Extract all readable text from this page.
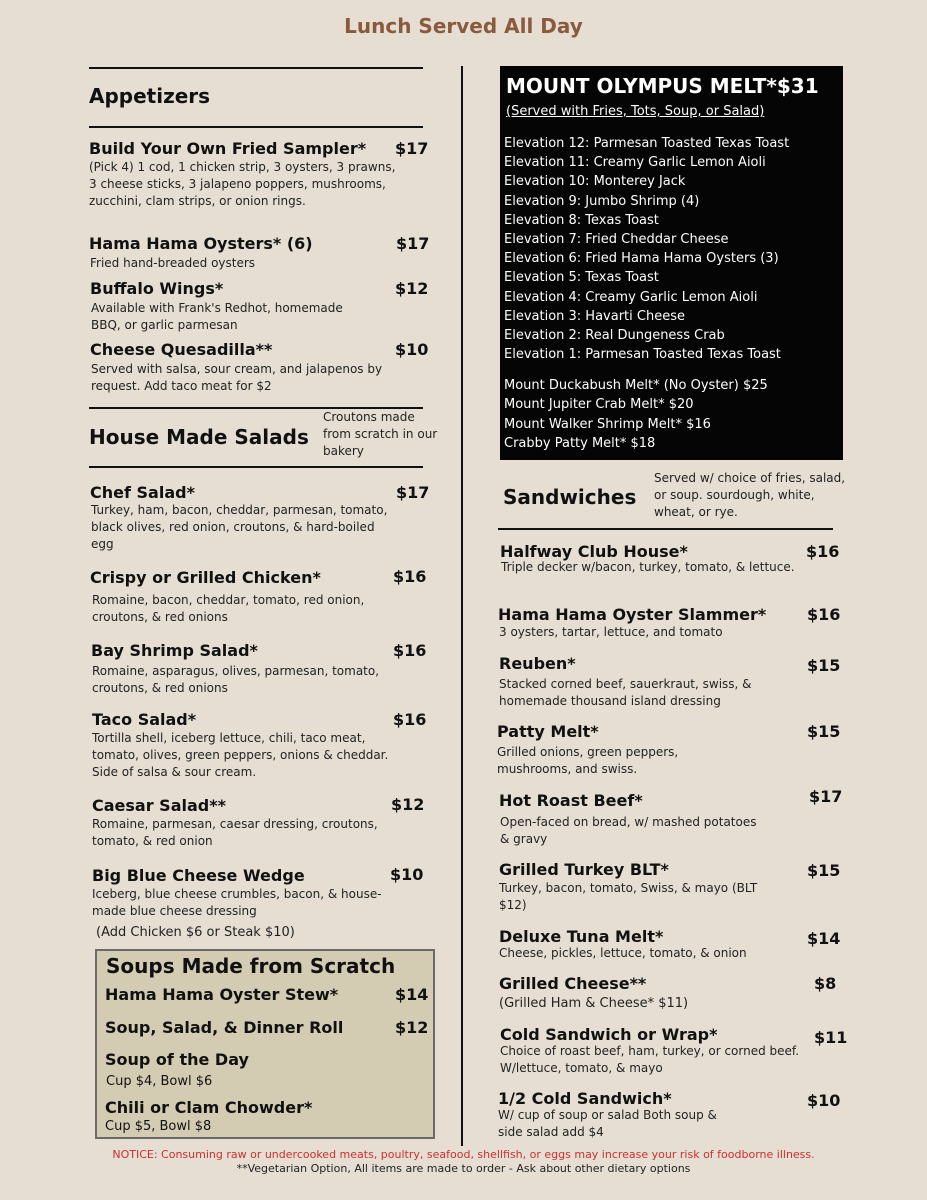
Lunch Served All Day
Appetizers
Build Your Own Fried Sampler* $17
(Pick 4) 1 cod, 1 chicken strip, 3 oysters, 3 prawns, 3 cheese sticks, 3 jalapeno poppers, mushrooms, zucchini, clam strips, or onion rings.
Hama Hama Oysters* (6)	$17
Fried hand-breaded oysters
Buffalo Wings*	$12
Available with Frank's Redhot, homemade BBQ, or garlic parmesan
Cheese Quesadilla**	$10
Served with salsa, sour cream, and jalapenos by request. Add taco meat for $2
House Made Salads
Croutons made from scratch in our bakery
Chef Salad*	$17
Turkey, ham, bacon, cheddar, parmesan, tomato, black olives, red onion, croutons, & hard-boiled egg
Crispy or Grilled Chicken*	$16
Romaine, bacon, cheddar, tomato, red onion, croutons, & red onions
Bay Shrimp Salad*	$16
Romaine, asparagus, olives, parmesan, tomato, croutons, & red onions
Taco Salad*	$16
Tortilla shell, iceberg lettuce, chili, taco meat, tomato, olives, green peppers, onions & cheddar. Side of salsa & sour cream.
Caesar Salad**	$12
Romaine, parmesan, caesar dressing, croutons, tomato, & red onion
Big Blue Cheese Wedge	$10
Iceberg, blue cheese crumbles, bacon, & house-made blue cheese dressing
(Add Chicken $6 or Steak $10)
Soups Made from Scratch
Hama Hama Oyster Stew*	$14
Soup, Salad, & Dinner Roll	$12
Soup of the Day
Cup $4, Bowl $6
Chili or Clam Chowder*
Cup $5, Bowl $8
MOUNT OLYMPUS MELT*$31
(Served with Fries, Tots, Soup, or Salad)
Elevation 12: Parmesan Toasted Texas Toast
Elevation 11: Creamy Garlic Lemon Aioli
Elevation 10: Monterey Jack
Elevation 9: Jumbo Shrimp (4)
Elevation 8: Texas Toast
Elevation 7: Fried Cheddar Cheese
Elevation 6: Fried Hama Hama Oysters (3)
Elevation 5: Texas Toast
Elevation 4: Creamy Garlic Lemon Aioli
Elevation 3: Havarti Cheese
Elevation 2: Real Dungeness Crab
Elevation 1: Parmesan Toasted Texas Toast
Mount Duckabush Melt* (No Oyster) $25
Mount Jupiter Crab Melt* $20
Mount Walker Shrimp Melt* $16
Crabby Patty Melt* $18
Sandwiches
Served w/ choice of fries, salad, or soup. sourdough, white, wheat, or rye.
Halfway Club House*	$16
Triple decker w/bacon, turkey, tomato, & lettuce.
Hama Hama Oyster Slammer*	$16
3 oysters, tartar, lettuce, and tomato
Reuben*	$15
Stacked corned beef, sauerkraut, swiss, & homemade thousand island dressing
Patty Melt*	$15
Grilled onions, green peppers, mushrooms, and swiss.
Hot Roast Beef*	$17
Open-faced on bread, w/ mashed potatoes & gravy
Grilled Turkey BLT*	$15
Turkey, bacon, tomato, Swiss, & mayo (BLT $12)
Deluxe Tuna Melt*	$14
Cheese, pickles, lettuce, tomato, & onion
Grilled Cheese**	$8
(Grilled Ham & Cheese* $11)
Cold Sandwich or Wrap*	$11
Choice of roast beef, ham, turkey, or corned beef. W/lettuce, tomato, & mayo
1/2 Cold Sandwich*	$10
W/ cup of soup or salad Both soup & side salad add $4
NOTICE: Consuming raw or undercooked meats, poultry, seafood, shellfish, or eggs may increase your risk of foodborne illness.
**Vegetarian Option, All items are made to order - Ask about other dietary options
